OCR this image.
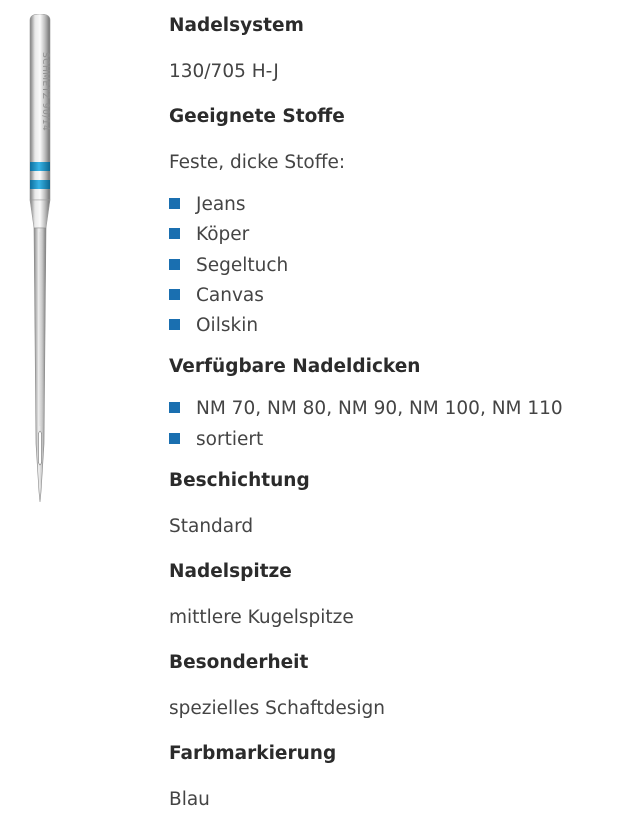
SCHMETZ 90/14
Nadelsystem

130/705 H-J

Geeignete Stoffe

Feste, dicke Stoffe:

Jeans
Köper
Segeltuch
Canvas
Oilskin
Verfügbare Nadeldicken
NM 70, NM 80, NM 90, NM 100, NM 110
sortiert
Beschichtung

Standard

Nadelspitze

mittlere Kugelspitze

Besonderheit

spezielles Schaftdesign

Farbmarkierung

Blau
